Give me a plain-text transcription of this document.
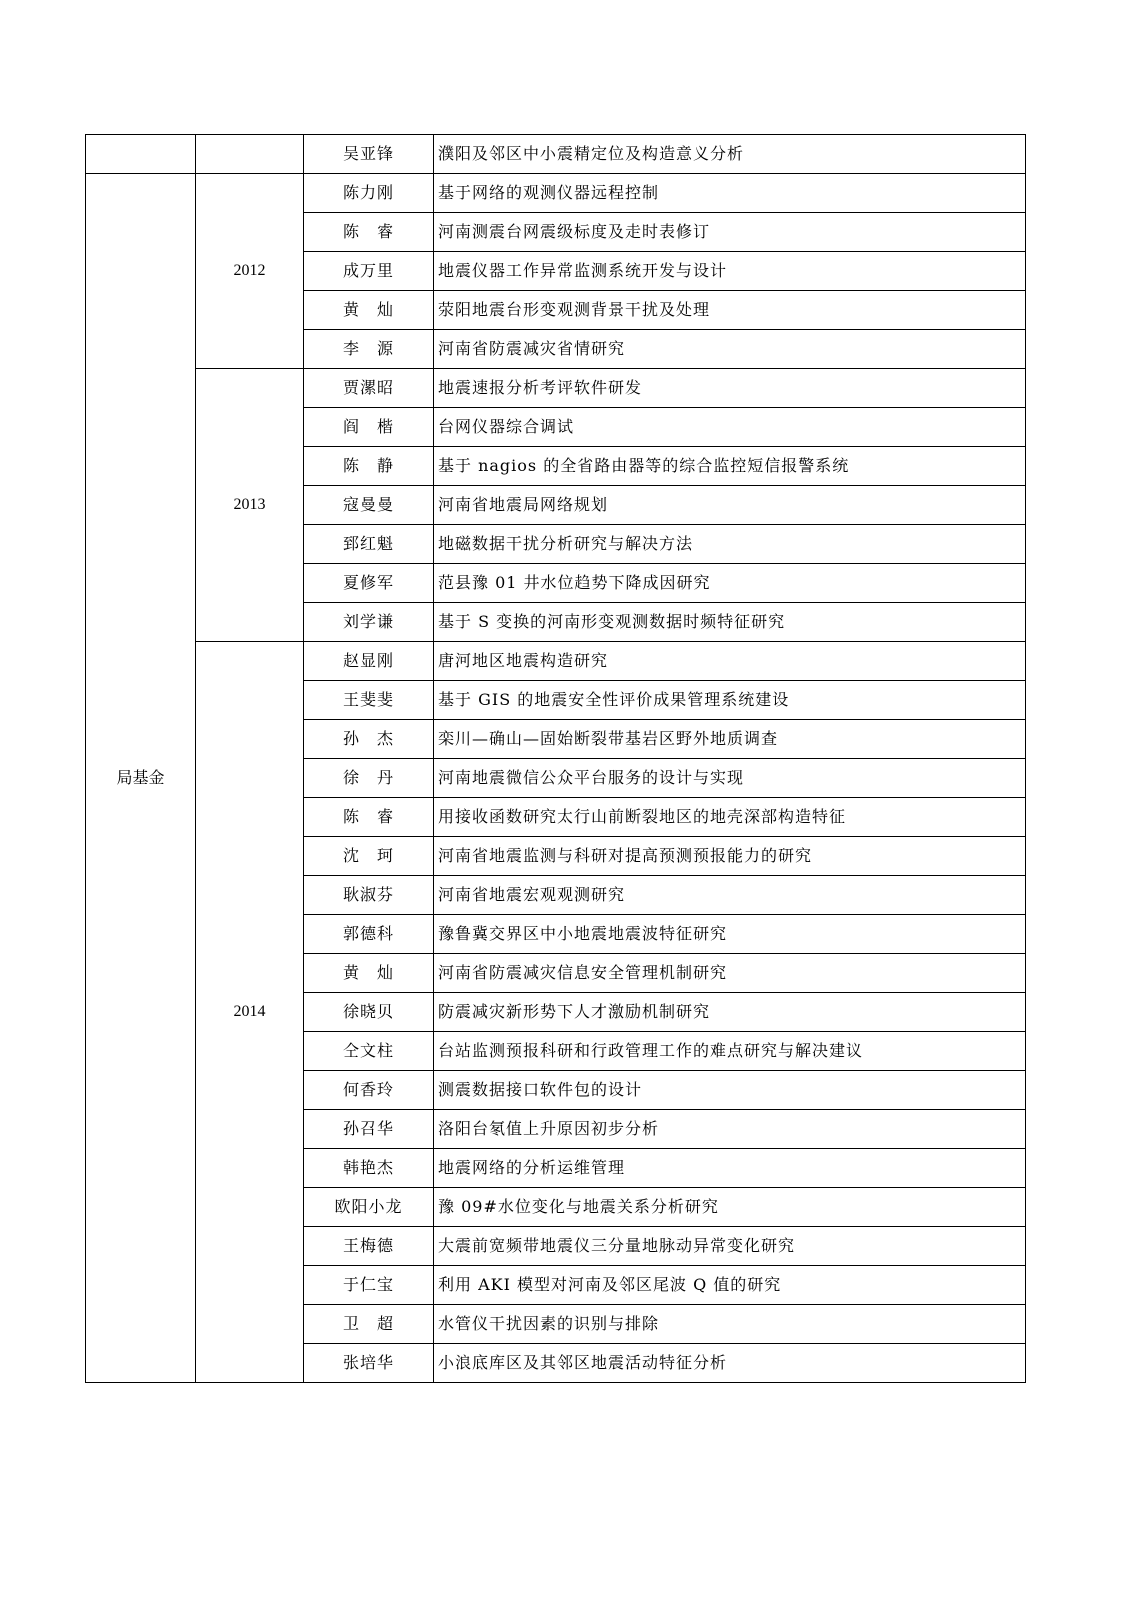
		吴亚锋	濮阳及邻区中小震精定位及构造意义分析
局基金	2012	陈力刚	基于网络的观测仪器远程控制
		陈　睿	河南测震台网震级标度及走时表修订
		成万里	地震仪器工作异常监测系统开发与设计
		黄　灿	荥阳地震台形变观测背景干扰及处理
		李　源	河南省防震减灾省情研究
	2013	贾漯昭	地震速报分析考评软件研发
		阎　楷	台网仪器综合调试
		陈　静	基于 nagios 的全省路由器等的综合监控短信报警系统
		寇曼曼	河南省地震局网络规划
		郅红魁	地磁数据干扰分析研究与解决方法
		夏修军	范县豫 01 井水位趋势下降成因研究
		刘学谦	基于 S 变换的河南形变观测数据时频特征研究
	2014	赵显刚	唐河地区地震构造研究
		王斐斐	基于 GIS 的地震安全性评价成果管理系统建设
		孙　杰	栾川—确山—固始断裂带基岩区野外地质调查
		徐　丹	河南地震微信公众平台服务的设计与实现
		陈　睿	用接收函数研究太行山前断裂地区的地壳深部构造特征
		沈　珂	河南省地震监测与科研对提高预测预报能力的研究
		耿淑芬	河南省地震宏观观测研究
		郭德科	豫鲁冀交界区中小地震地震波特征研究
		黄　灿	河南省防震减灾信息安全管理机制研究
		徐晓贝	防震减灾新形势下人才激励机制研究
		仝文柱	台站监测预报科研和行政管理工作的难点研究与解决建议
		何香玲	测震数据接口软件包的设计
		孙召华	洛阳台氡值上升原因初步分析
		韩艳杰	地震网络的分析运维管理
		欧阳小龙	豫 09#水位变化与地震关系分析研究
		王梅德	大震前宽频带地震仪三分量地脉动异常变化研究
		于仁宝	利用 AKI 模型对河南及邻区尾波 Q 值的研究
		卫　超	水管仪干扰因素的识别与排除
		张培华	小浪底库区及其邻区地震活动特征分析
